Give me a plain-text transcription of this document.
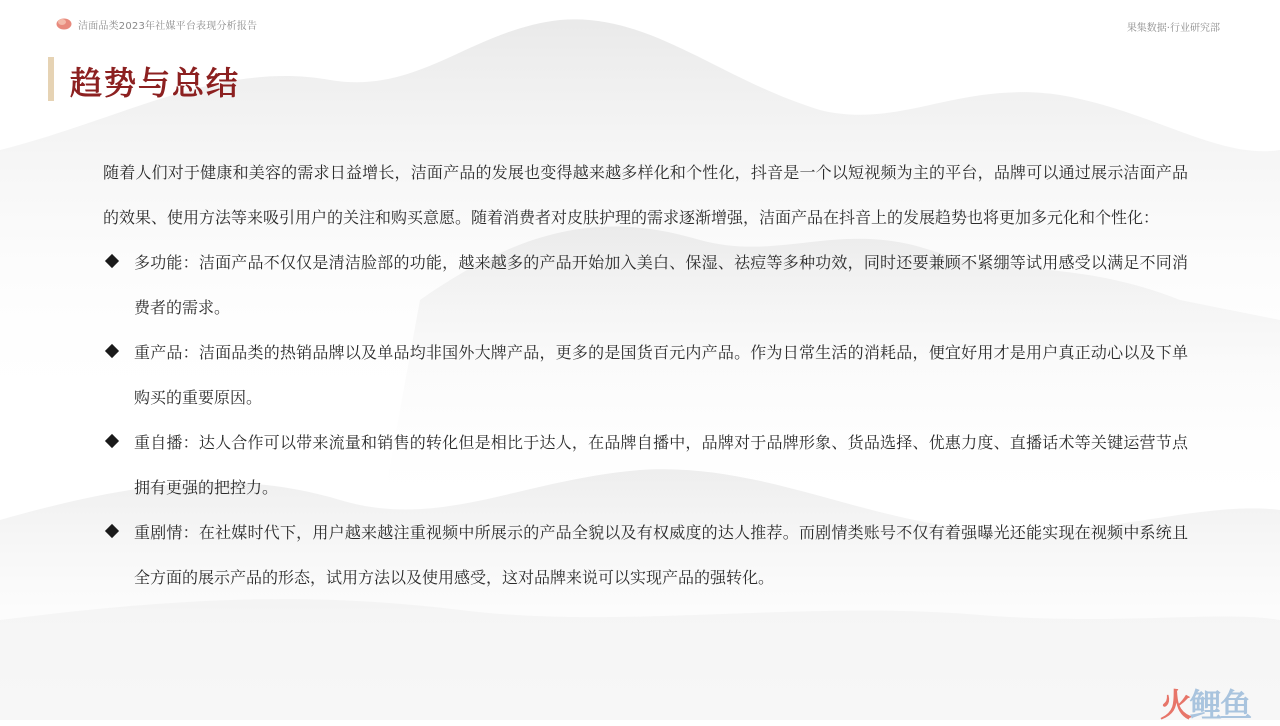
洁面品类2023年社媒平台表现分析报告	果集数据·行业研究部
趋势与总结

随着人们对于健康和美容的需求日益增长，洁面产品的发展也变得越来越多样化和个性化，抖音是一个以短视频为主的平台，品牌可以通过展示洁面产品的效果、使用方法等来吸引用户的关注和购买意愿。随着消费者对皮肤护理的需求逐渐增强，洁面产品在抖音上的发展趋势也将更加多元化和个性化：

多功能：洁面产品不仅仅是清洁脸部的功能，越来越多的产品开始加入美白、保湿、祛痘等多种功效，同时还要兼顾不紧绷等试用感受以满足不同消费者的需求。
重产品：洁面品类的热销品牌以及单品均非国外大牌产品，更多的是国货百元内产品。作为日常生活的消耗品，便宜好用才是用户真正动心以及下单购买的重要原因。
重自播：达人合作可以带来流量和销售的转化但是相比于达人，在品牌自播中，品牌对于品牌形象、货品选择、优惠力度、直播话术等关键运营节点拥有更强的把控力。
重剧情：在社媒时代下，用户越来越注重视频中所展示的产品全貌以及有权威度的达人推荐。而剧情类账号不仅有着强曝光还能实现在视频中系统且全方面的展示产品的形态，试用方法以及使用感受，这对品牌来说可以实现产品的强转化。
火鲤鱼
